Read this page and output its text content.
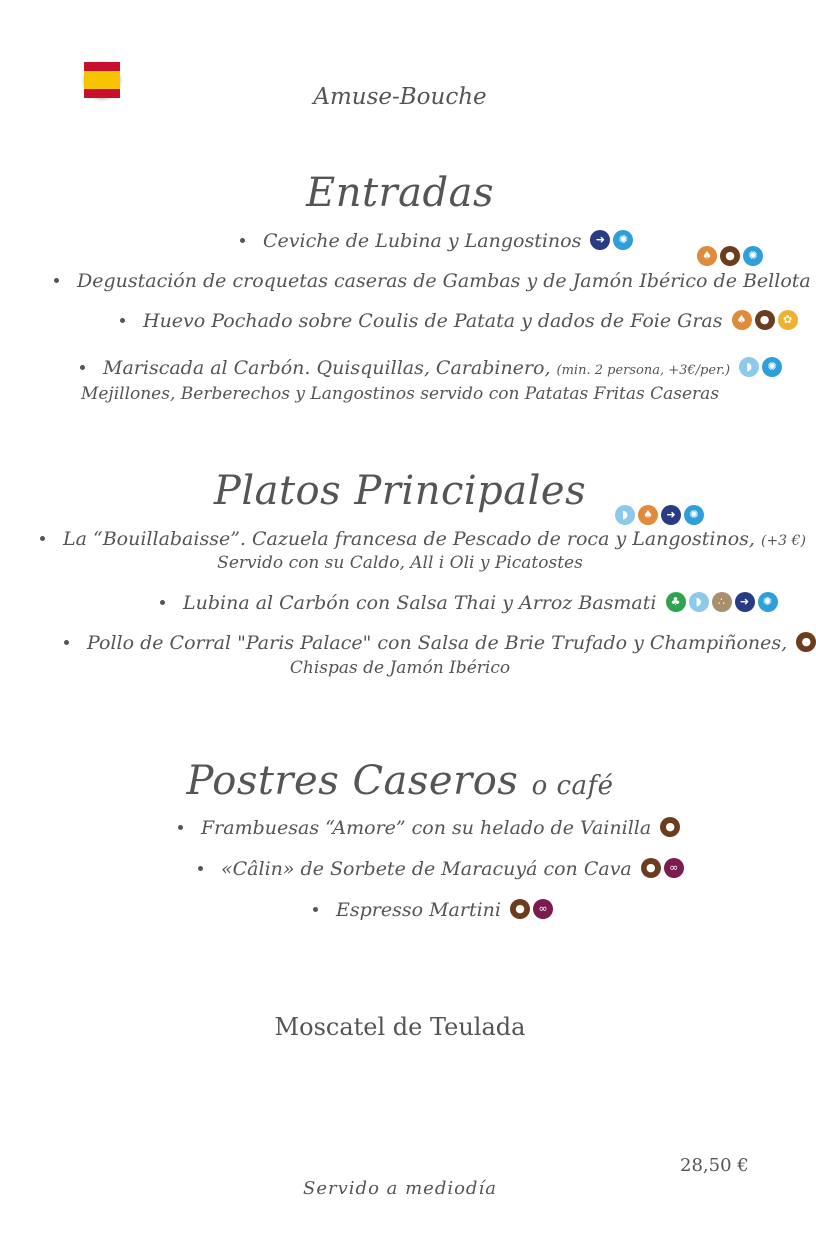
Amuse-Bouche
Entradas
Ceviche de Lubina y Langostinos ➜ ✺
♠ ● ✺
Degustación de croquetas caseras de Gambas y de Jamón Ibérico de Bellota
Huevo Pochado sobre Coulis de Patata y dados de Foie Gras ♠ ● ✿
Mariscada al Carbón. Quisquillas, Carabinero, (min. 2 persona, +3€/per.) ◗ ✺
Mejillones, Berberechos y Langostinos servido con Patatas Fritas Caseras
Platos Principales	◗ ♠ ➜ ✺
La “Bouillabaisse”. Cazuela francesa de Pescado de roca y Langostinos, (+3 €)
Servido con su Caldo, All i Oli y Picatostes
Lubina al Carbón con Salsa Thai y Arroz Basmati ♣ ◗ ∴ ➜ ✺
Pollo de Corral "Paris Palace" con Salsa de Brie Trufado y Champiñones, ●
Chispas de Jamón Ibérico
Postres Caseros o café
Frambuesas “Amore” con su helado de Vainilla ●
«Câlin» de Sorbete de Maracuyá con Cava ● ∞
Espresso Martini ● ∞
Moscatel de Teulada
28,50 €
Servido a mediodía
